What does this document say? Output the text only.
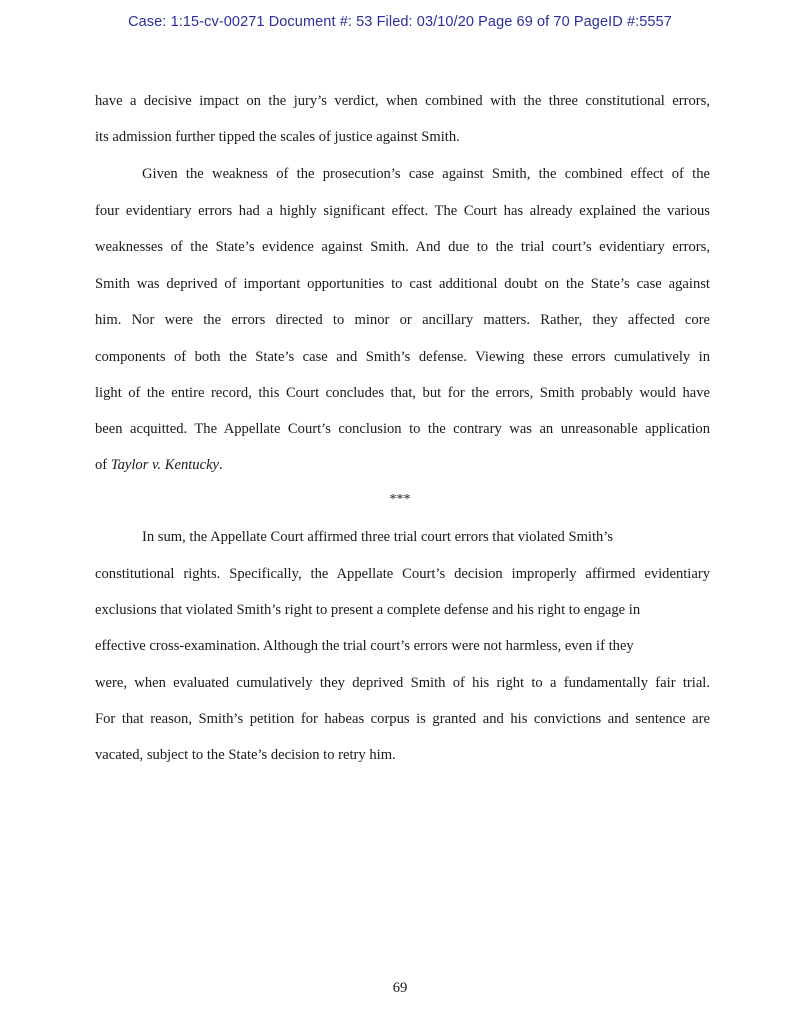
Case: 1:15-cv-00271 Document #: 53 Filed: 03/10/20 Page 69 of 70 PageID #:5557
have a decisive impact on the jury’s verdict, when combined with the three constitutional errors,
its admission further tipped the scales of justice against Smith.
Given the weakness of the prosecution’s case against Smith, the combined effect of the
four evidentiary errors had a highly significant effect. The Court has already explained the various
weaknesses of the State’s evidence against Smith. And due to the trial court’s evidentiary errors,
Smith was deprived of important opportunities to cast additional doubt on the State’s case against
him. Nor were the errors directed to minor or ancillary matters. Rather, they affected core
components of both the State’s case and Smith’s defense. Viewing these errors cumulatively in
light of the entire record, this Court concludes that, but for the errors, Smith probably would have
been acquitted. The Appellate Court’s conclusion to the contrary was an unreasonable application
of Taylor v. Kentucky.
In sum, the Appellate Court affirmed three trial court errors that violated Smith’s
constitutional rights. Specifically, the Appellate Court’s decision improperly affirmed evidentiary
exclusions that violated Smith’s right to present a complete defense and his right to engage in
effective cross-examination. Although the trial court’s errors were not harmless, even if they
were, when evaluated cumulatively they deprived Smith of his right to a fundamentally fair trial.
For that reason, Smith’s petition for habeas corpus is granted and his convictions and sentence are
vacated, subject to the State’s decision to retry him.
***
69
